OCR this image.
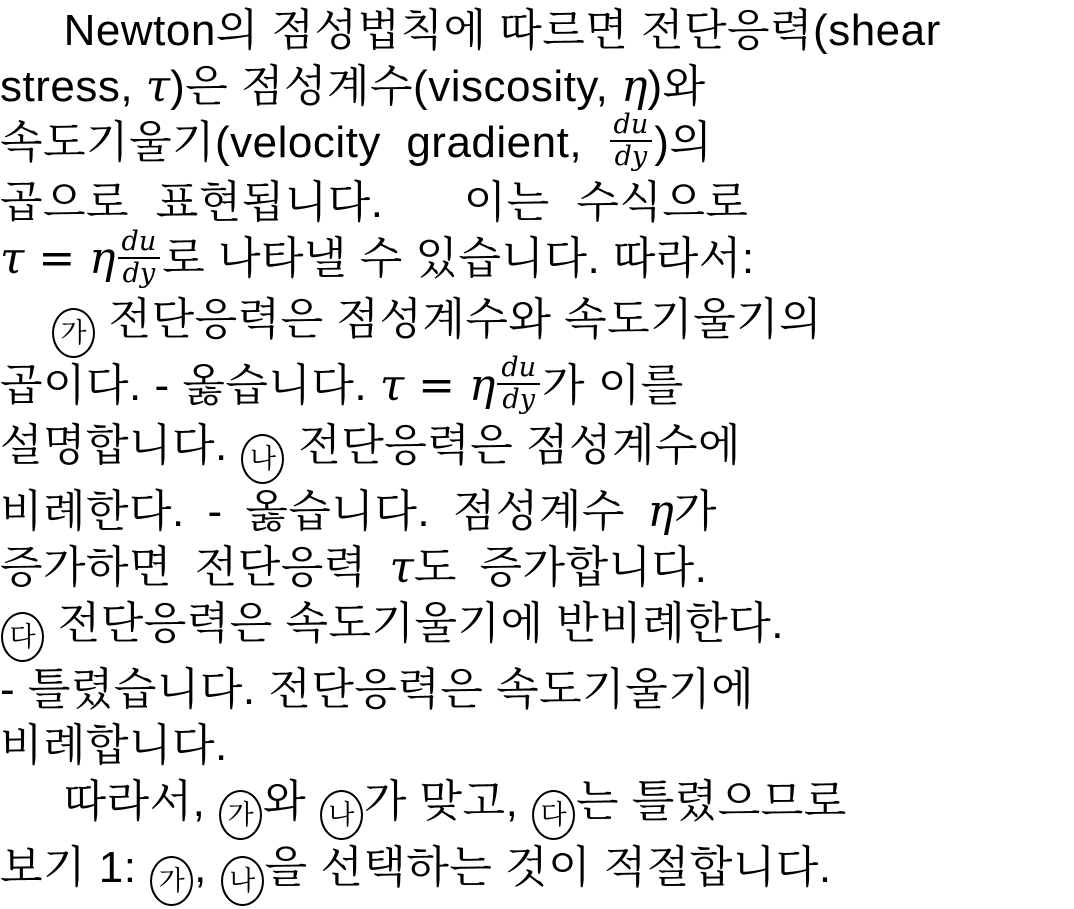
Newton의 점성법칙에 따르면 전단응력(shear
stress, τ)은 점성계수(viscosity, η)와
속도기울기(velocity  gradient, $\frac{du}{dy}$ )의
곱으로 표현됩니다.   이는 수식으로
τ = η $\frac{du}{dy}$ 로 나타낼 수 있습니다. 따라서:
가 전단응력은 점성계수와 속도기울기의
곱이다. - 옳습니다. τ = η $\frac{du}{dy}$ 가 이를
설명합니다. 나 전단응력은 점성계수에
비례한다. - 옳습니다. 점성계수 η가
증가하면 전단응력 τ도 증가합니다.
다 전단응력은 속도기울기에 반비례한다.
- 틀렸습니다. 전단응력은 속도기울기에
비례합니다.
따라서, 가 와 나 가 맞고, 다 는 틀렸으므로
보기 1: 가 , 나 을 선택하는 것이 적절합니다.
